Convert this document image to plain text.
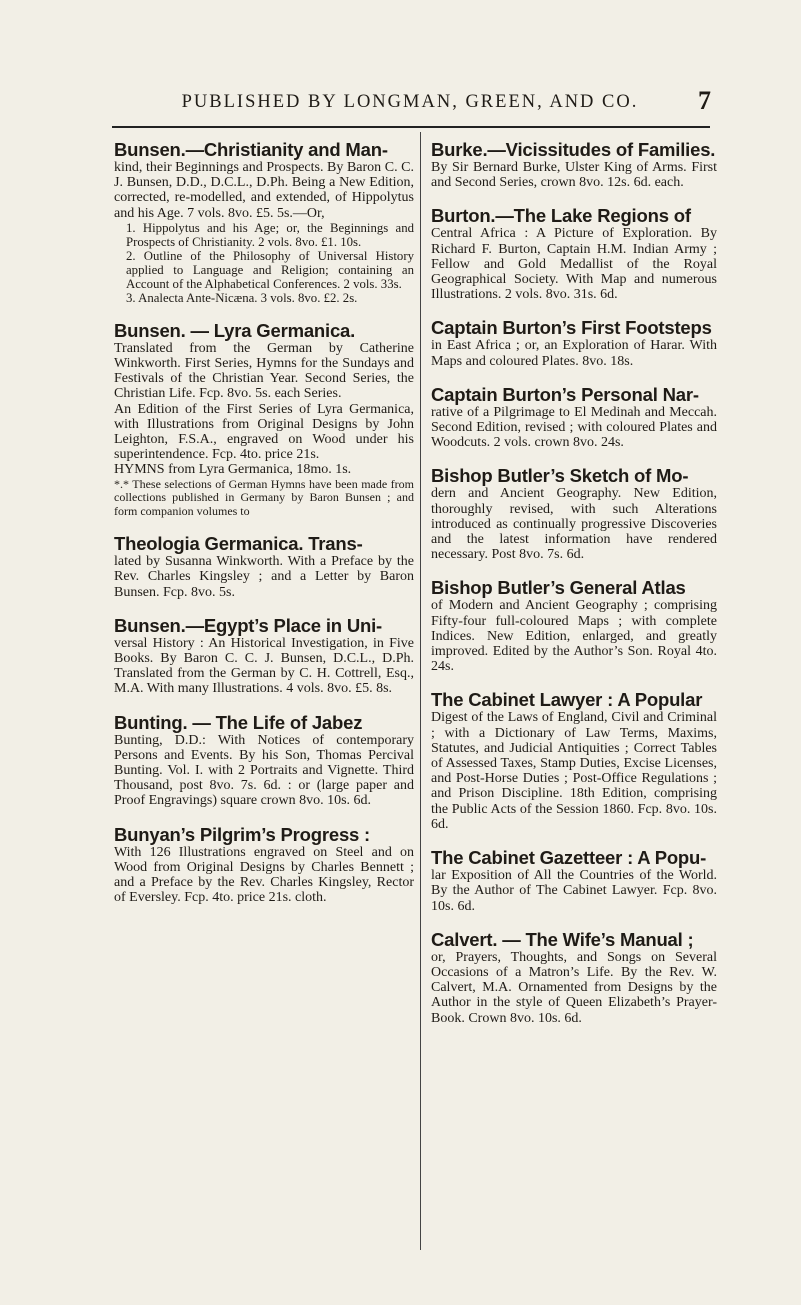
PUBLISHED BY LONGMAN, GREEN, AND CO.	7
Bunsen.—Christianity and Man-

kind, their Beginnings and Prospects. By Baron C. C. J. Bunsen, D.D., D.C.L., D.Ph. Being a New Edition, corrected, re-modelled, and extended, of Hippolytus and his Age. 7 vols. 8vo. £5. 5s.—Or,

1. Hippolytus and his Age; or, the Beginnings and Prospects of Christianity. 2 vols. 8vo. £1. 10s.

2. Outline of the Philosophy of Universal History applied to Language and Religion; containing an Account of the Alphabetical Conferences. 2 vols. 33s.

3. Analecta Ante-Nicæna. 3 vols. 8vo. £2. 2s.

Bunsen. — Lyra Germanica.

Translated from the German by Catherine Winkworth. First Series, Hymns for the Sundays and Festivals of the Christian Year. Second Series, the Christian Life. Fcp. 8vo. 5s. each Series.

An Edition of the First Series of Lyra Germanica, with Illustrations from Original Designs by John Leighton, F.S.A., engraved on Wood under his superintendence. Fcp. 4to. price 21s.

HYMNS from Lyra Germanica, 18mo. 1s.

*.* These selections of German Hymns have been made from collections published in Germany by Baron Bunsen ; and form companion volumes to

Theologia Germanica. Trans-

lated by Susanna Winkworth. With a Preface by the Rev. Charles Kingsley ; and a Letter by Baron Bunsen. Fcp. 8vo. 5s.

Bunsen.—Egypt’s Place in Uni-

versal History : An Historical Investigation, in Five Books. By Baron C. C. J. Bunsen, D.C.L., D.Ph. Translated from the German by C. H. Cottrell, Esq., M.A. With many Illustrations. 4 vols. 8vo. £5. 8s.

Bunting. — The Life of Jabez

Bunting, D.D.: With Notices of contemporary Persons and Events. By his Son, Thomas Percival Bunting. Vol. I. with 2 Portraits and Vignette. Third Thousand, post 8vo. 7s. 6d. : or (large paper and Proof Engravings) square crown 8vo. 10s. 6d.

Bunyan’s Pilgrim’s Progress :

With 126 Illustrations engraved on Steel and on Wood from Original Designs by Charles Bennett ; and a Preface by the Rev. Charles Kingsley, Rector of Eversley. Fcp. 4to. price 21s. cloth.

Burke.—Vicissitudes of Families.

By Sir Bernard Burke, Ulster King of Arms. First and Second Series, crown 8vo. 12s. 6d. each.

Burton.—The Lake Regions of

Central Africa : A Picture of Exploration. By Richard F. Burton, Captain H.M. Indian Army ; Fellow and Gold Medallist of the Royal Geographical Society. With Map and numerous Illustrations. 2 vols. 8vo. 31s. 6d.

Captain Burton’s First Footsteps

in East Africa ; or, an Exploration of Harar. With Maps and coloured Plates. 8vo. 18s.

Captain Burton’s Personal Nar-

rative of a Pilgrimage to El Medinah and Meccah. Second Edition, revised ; with coloured Plates and Woodcuts. 2 vols. crown 8vo. 24s.

Bishop Butler’s Sketch of Mo-

dern and Ancient Geography. New Edition, thoroughly revised, with such Alterations introduced as continually progressive Discoveries and the latest information have rendered necessary. Post 8vo. 7s. 6d.

Bishop Butler’s General Atlas

of Modern and Ancient Geography ; comprising Fifty-four full-coloured Maps ; with complete Indices. New Edition, enlarged, and greatly improved. Edited by the Author’s Son. Royal 4to. 24s.

The Cabinet Lawyer : A Popular

Digest of the Laws of England, Civil and Criminal ; with a Dictionary of Law Terms, Maxims, Statutes, and Judicial Antiquities ; Correct Tables of Assessed Taxes, Stamp Duties, Excise Licenses, and Post-Horse Duties ; Post-Office Regulations ; and Prison Discipline. 18th Edition, comprising the Public Acts of the Session 1860. Fcp. 8vo. 10s. 6d.

The Cabinet Gazetteer : A Popu-

lar Exposition of All the Countries of the World. By the Author of The Cabinet Lawyer. Fcp. 8vo. 10s. 6d.

Calvert. — The Wife’s Manual ;

or, Prayers, Thoughts, and Songs on Several Occasions of a Matron’s Life. By the Rev. W. Calvert, M.A. Ornamented from Designs by the Author in the style of Queen Elizabeth’s Prayer-Book. Crown 8vo. 10s. 6d.
